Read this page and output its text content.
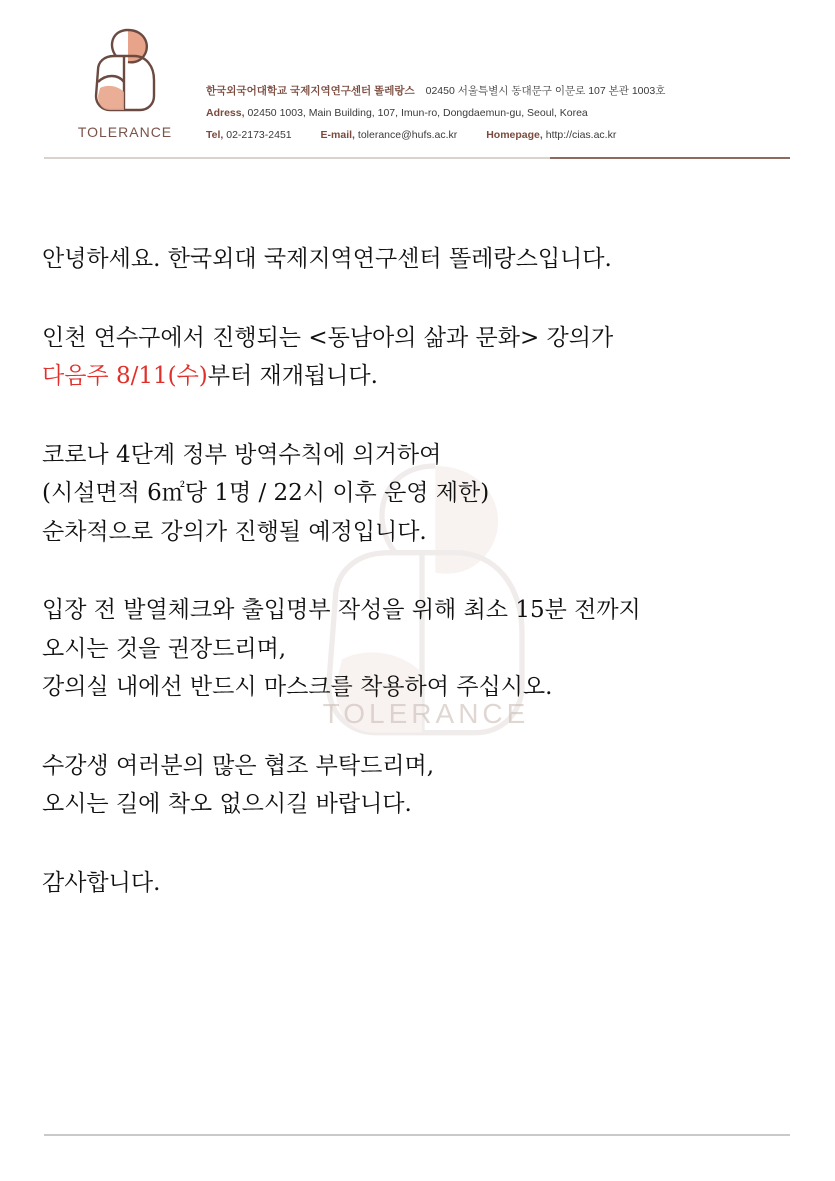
TOLERANCE
한국외국어대학교 국제지역연구센터 똘레랑스 02450 서울특별시 동대문구 이문로 107 본관 1003호
Adress, 02450 1003, Main Building, 107, Imun-ro, Dongdaemun-gu, Seoul, Korea
Tel, 02-2173-2451	E-mail, tolerance@hufs.ac.kr	Homepage, http://cias.ac.kr
TOLERANCE
안녕하세요. 한국외대 국제지역연구센터 똘레랑스입니다.
인천 연수구에서 진행되는 <동남아의 삶과 문화> 강의가
다음주 8/11(수)부터 재개됩니다.
코로나 4단계 정부 방역수칙에 의거하여
(시설면적 6㎡당 1명 / 22시 이후 운영 제한)
순차적으로 강의가 진행될 예정입니다.
입장 전 발열체크와 출입명부 작성을 위해 최소 15분 전까지
오시는 것을 권장드리며,
강의실 내에선 반드시 마스크를 착용하여 주십시오.
수강생 여러분의 많은 협조 부탁드리며,
오시는 길에 착오 없으시길 바랍니다.
감사합니다.
